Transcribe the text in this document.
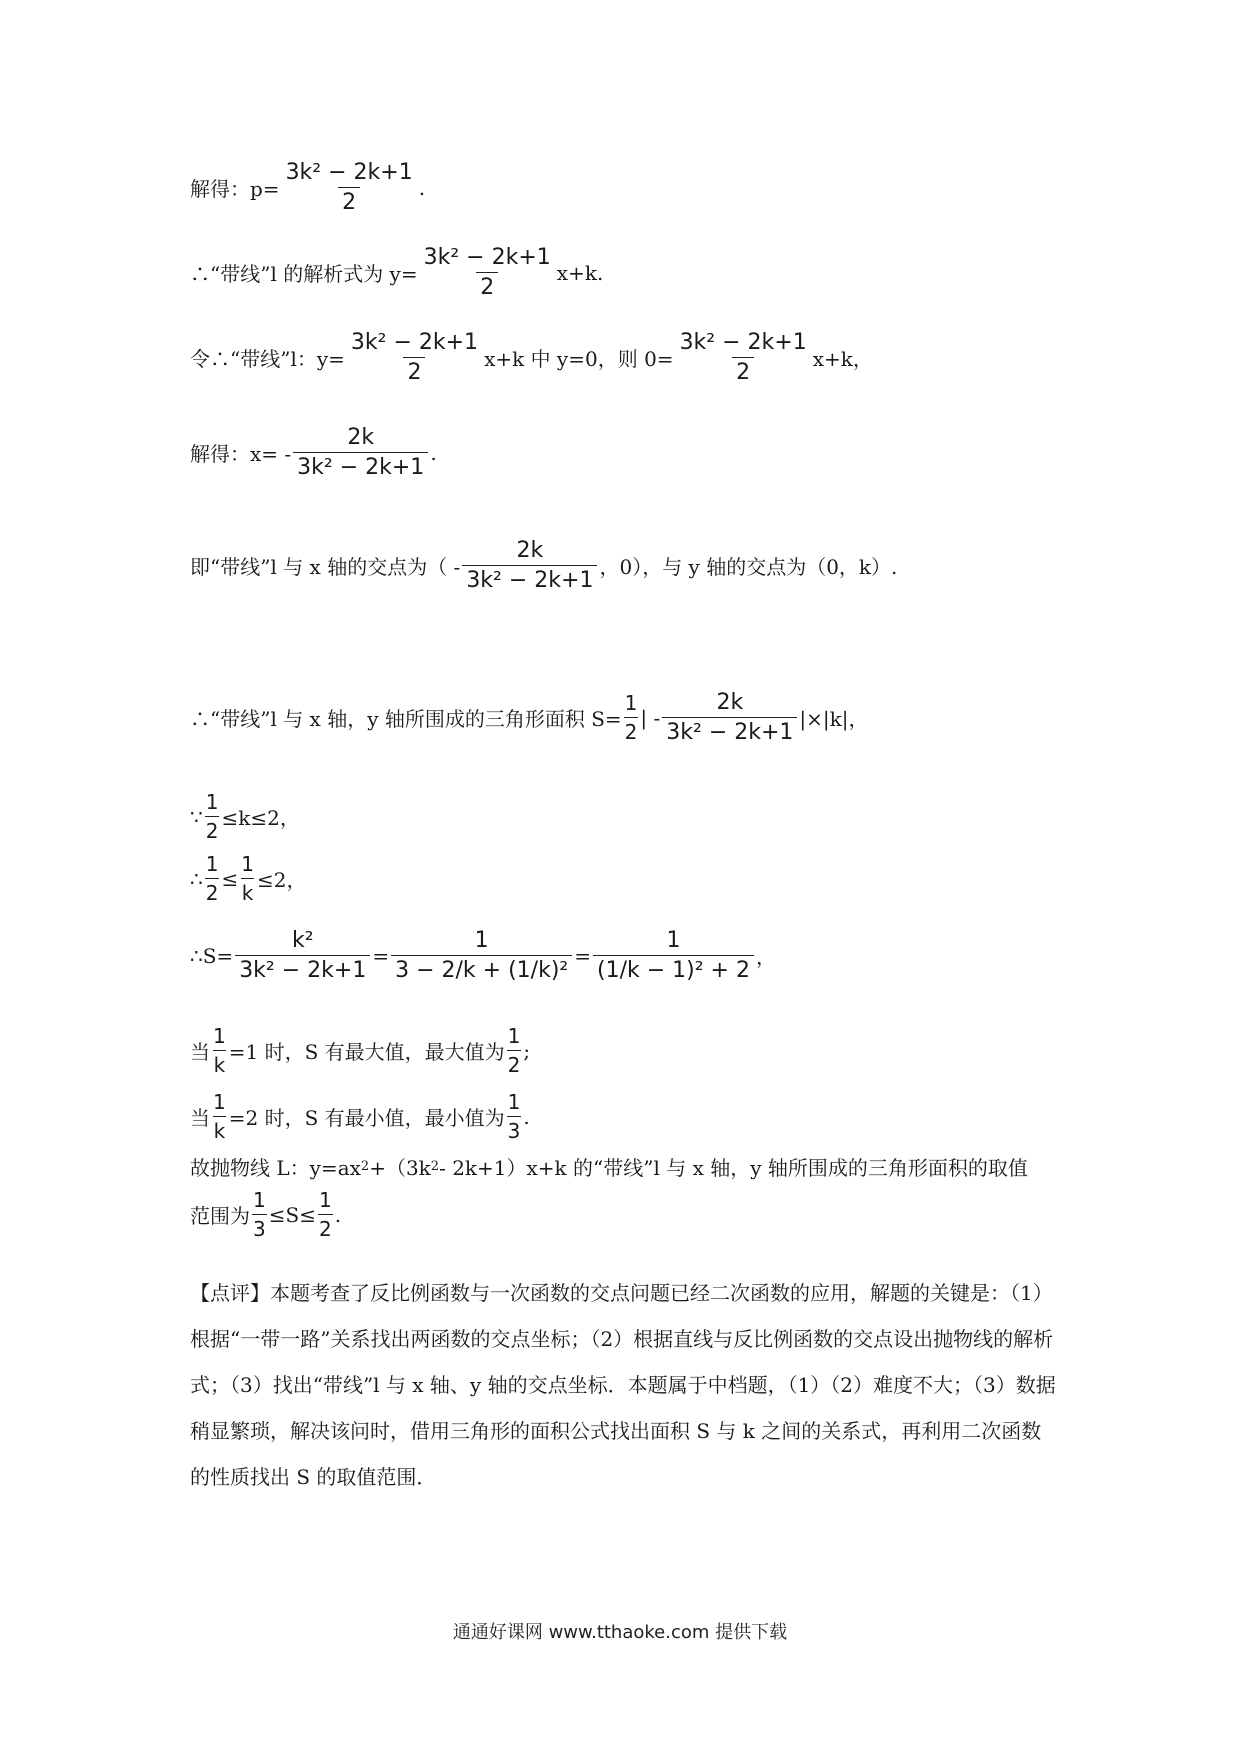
解得：$p= \frac{\text{3k² − 2k+1}}{2}$ .
∴“带线”l 的解析式为 $y= \frac{\text{3k² − 2k+1}}{2} x+k$.
令∴“带线”l：$y= \frac{\text{3k² − 2k+1}}{2} x+k$ 中 y=0，则 $0= \frac{\text{3k² − 2k+1}}{2} x+k$，
解得：$x= - \frac{2k}{\text{3k² − 2k+1}}$ .
即“带线”l 与 x 轴的交点为（ - $\frac{2k}{\text{3k² − 2k+1}}$ ，0），与 y 轴的交点为（0，k）.
∴“带线”l 与 x 轴，y 轴所围成的三角形面积 $S= \frac{1}{2}$ | - $\frac{2k}{\text{3k² − 2k+1}} |\times|k|$，
∵ $\frac{1}{2} \le k\le 2$，
∴ $\frac{1}{2} \le \frac{1}{k} \le 2$，
∴S= $\frac{\text{k²}}{\text{3k² − 2k+1}} = \frac{1}{\text{3 − 2/k + (1/k)²}} = \frac{1}{\text{(1/k − 1)² + 2}}$ ，
当 $\frac{1}{k} =1$ 时，S 有最大值，最大值为 $\frac{1}{2}$ ;
当 $\frac{1}{k} =2$ 时，S 有最小值，最小值为 $\frac{1}{3}$ .
故抛物线 L：y=ax 2 +（3k 2 - 2k+1）x+k 的“带线”l 与 x 轴，y 轴所围成的三角形面积的取值
范围为 $\frac{1}{3} \le S\le \frac{1}{2}$ .
【点评】本题考查了反比例函数与一次函数的交点问题已经二次函数的应用，解题的关键是：（1）根据“一带一路”关系找出两函数的交点坐标；（2）根据直线与反比例函数的交点设出抛物线的解析式；（3）找出“带线”l 与 x 轴、y 轴的交点坐标．本题属于中档题，（1）（2）难度不大；（3）数据稍显繁琐，解决该问时，借用三角形的面积公式找出面积 S 与 k 之间的关系式，再利用二次函数的性质找出 S 的取值范围．
通通好课网 www.tthaoke.com 提供下载
